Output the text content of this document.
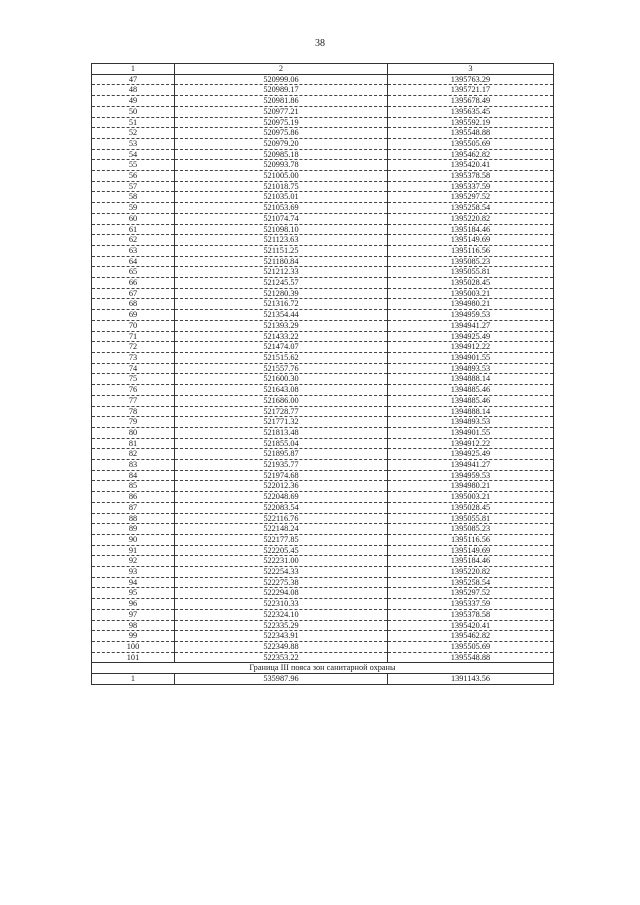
38
1	2	3
47	520999.06	1395763.29
48	520989.17	1395721.17
49	520981.86	1395678.49
50	520977.21	1395635.45
51	520975.19	1395592.19
52	520975.86	1395548.88
53	520979.20	1395505.69
54	520985.18	1395462.82
55	520993.78	1395420.41
56	521005.00	1395378.58
57	521018.75	1395337.59
58	521035.01	1395297.52
59	521053.69	1395258.54
60	521074.74	1395220.82
61	521098.10	1395184.46
62	521123.63	1395149.69
63	521151.25	1395116.56
64	521180.84	1395085.23
65	521212.33	1395055.81
66	521245.57	1395028.45
67	521280.39	1395003.21
68	521316.72	1394980.21
69	521354.44	1394959.53
70	521393.29	1394941.27
71	521433.22	1394925.49
72	521474.07	1394912.22
73	521515.62	1394901.55
74	521557.76	1394893.53
75	521600.30	1394888.14
76	521643.08	1394885.46
77	521686.00	1394885.46
78	521728.77	1394888.14
79	521771.32	1394893.53
80	521813.48	1394901.55
81	521855.04	1394912.22
82	521895.87	1394925.49
83	521935.77	1394941.27
84	521974.68	1394959.53
85	522012.36	1394980.21
86	522048.69	1395003.21
87	522083.54	1395028.45
88	522116.76	1395055.81
89	522148.24	1395085.23
90	522177.85	1395116.56
91	522205.45	1395149.69
92	522231.00	1395184.46
93	522254.33	1395220.82
94	522275.38	1395258.54
95	522294.08	1395297.52
96	522310.33	1395337.59
97	522324.10	1395378.58
98	522335.29	1395420.41
99	522343.91	1395462.82
100	522349.88	1395505.69
101	522353.22	1395548.88
Граница III пояса зон санитарной охраны		
1	535987.96	1391143.56
